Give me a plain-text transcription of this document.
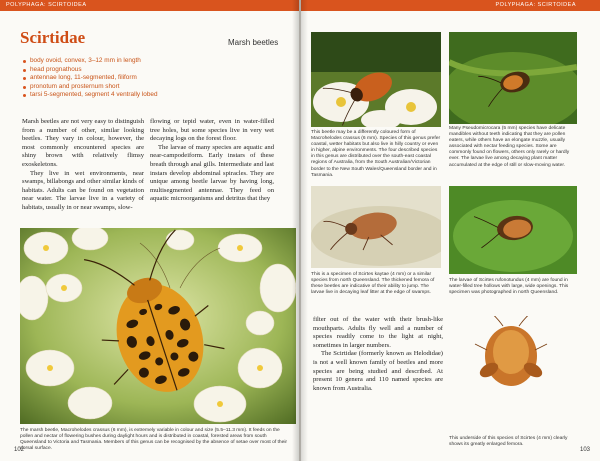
POLYPHAGA: SCIRTOIDEA
Scirtidae	Marsh beetles
body ovoid, convex, 3–12 mm in length
head prognathous
antennae long, 11-segmented, filiform
pronotum and prosternum short
tarsi 5-segmented, segment 4 ventrally lobed

Marsh beetles are not very easy to distinguish from a number of other, similar looking beetles. They vary in colour, however, the most commonly encountered species are shiny brown with relatively flimsy exoskeletons.

They live in wet environments, near swamps, billabongs and other similar kinds of habitats. Adults can be found on vegetation near water. The larvae live in a variety of habitats, usually in or near swamps, slow-

flowing or tepid water, even in water-filled tree holes, but some species live in very wet decaying logs on the forest floor.

The larvae of many species are aquatic and near-campodeiform. Early instars of these breath through anal gills. Intermediate and last instars develop abdominal spiracles. They are unique among beetle larvae by having long, multisegmented antennae. They feed on aquatic microorganisms and detritus that they

The marsh beetle, Macrohelodes crassus (6 mm), is extremely variable in colour and size (5.5–11.3 mm). It feeds on the pollen and nectar of flowering bushes during daylight hours and is distributed in coastal, forested areas from south Queensland to Victoria and Tasmania. Members of this genus can be recognised by the absence of setae over most of their dorsal surface.
102
POLYPHAGA: SCIRTOIDEA
This beetle may be a differently coloured form of Macrohelodes crassus (6 mm). Species of this genus prefer coastal, wetter habitats but also live in hilly country or even in higher, alpine environments. The four described species in this genus are distributed over the south-east coastal regions of Australia, from the South Australian/Victorian border to the New South Wales/Queensland border and in Tasmania.
Many Pseudomicrocara (5 mm) species have delicate mandibles without teeth indicating that they are pollen eaters, while others have an elongate muzzle, usually associated with nectar feeding species. Some are commonly found on flowers, others only rarely or hardly ever. The larvae live among decaying plant matter accumulated at the edge of still or slow-moving water.
This is a specimen of Scirtes kaytae (4 mm) or a similar species from north Queensland. The thickened femora of these beetles are indicative of their ability to jump. The larvae live in decaying leaf litter at the edge of swamps.
The larvae of Scirtes rufonotundus (4 mm) are found in water-filled tree hollows with large, wide openings. This specimen was photographed in north Queensland.

filter out of the water with their brush-like mouthparts. Adults fly well and a number of species readily come to the light at night, sometimes in larger numbers.

The Scirtidae (formerly known as Helodidae) is not a well known family of beetles and more species are being studied and described. At present 10 genera and 110 named species are known from Australia.

This underside of this species of Scirtes (4 mm) clearly shows its greatly enlarged femora.
103
